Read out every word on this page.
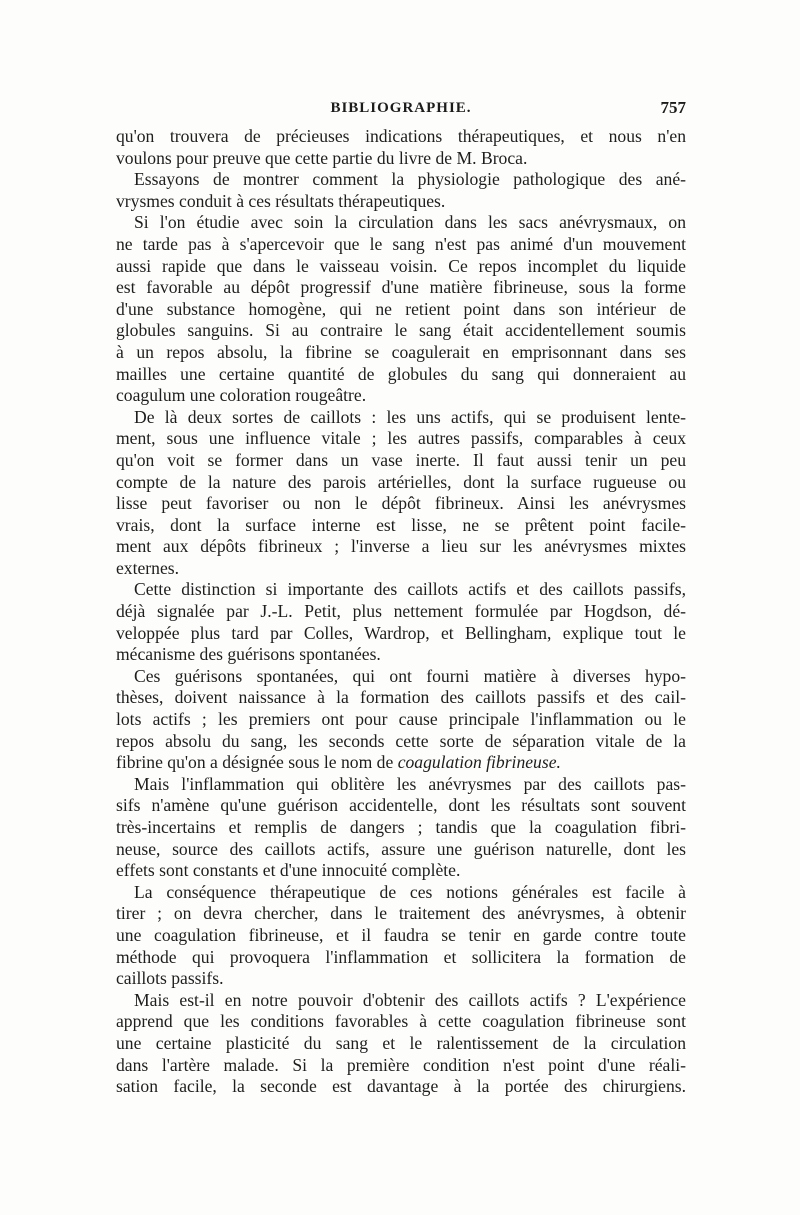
BIBLIOGRAPHIE.	757
qu'on trouvera de précieuses indications thérapeutiques, et nous n'en
voulons pour preuve que cette partie du livre de M. Broca.
Essayons de montrer comment la physiologie pathologique des ané-
vrysmes conduit à ces résultats thérapeutiques.
Si l'on étudie avec soin la circulation dans les sacs anévrysmaux, on
ne tarde pas à s'apercevoir que le sang n'est pas animé d'un mouvement
aussi rapide que dans le vaisseau voisin. Ce repos incomplet du liquide
est favorable au dépôt progressif d'une matière fibrineuse, sous la forme
d'une substance homogène, qui ne retient point dans son intérieur de
globules sanguins. Si au contraire le sang était accidentellement soumis
à un repos absolu, la fibrine se coagulerait en emprisonnant dans ses
mailles une certaine quantité de globules du sang qui donneraient au
coagulum une coloration rougeâtre.
De là deux sortes de caillots : les uns actifs, qui se produisent lente-
ment, sous une influence vitale ; les autres passifs, comparables à ceux
qu'on voit se former dans un vase inerte. Il faut aussi tenir un peu
compte de la nature des parois artérielles, dont la surface rugueuse ou
lisse peut favoriser ou non le dépôt fibrineux. Ainsi les anévrysmes
vrais, dont la surface interne est lisse, ne se prêtent point facile-
ment aux dépôts fibrineux ; l'inverse a lieu sur les anévrysmes mixtes
externes.
Cette distinction si importante des caillots actifs et des caillots passifs,
déjà signalée par J.-L. Petit, plus nettement formulée par Hogdson, dé-
veloppée plus tard par Colles, Wardrop, et Bellingham, explique tout le
mécanisme des guérisons spontanées.
Ces guérisons spontanées, qui ont fourni matière à diverses hypo-
thèses, doivent naissance à la formation des caillots passifs et des cail-
lots actifs ; les premiers ont pour cause principale l'inflammation ou le
repos absolu du sang, les seconds cette sorte de séparation vitale de la
fibrine qu'on a désignée sous le nom de coagulation fibrineuse.
Mais l'inflammation qui oblitère les anévrysmes par des caillots pas-
sifs n'amène qu'une guérison accidentelle, dont les résultats sont souvent
très-incertains et remplis de dangers ; tandis que la coagulation fibri-
neuse, source des caillots actifs, assure une guérison naturelle, dont les
effets sont constants et d'une innocuité complète.
La conséquence thérapeutique de ces notions générales est facile à
tirer ; on devra chercher, dans le traitement des anévrysmes, à obtenir
une coagulation fibrineuse, et il faudra se tenir en garde contre toute
méthode qui provoquera l'inflammation et sollicitera la formation de
caillots passifs.
Mais est-il en notre pouvoir d'obtenir des caillots actifs ? L'expérience
apprend que les conditions favorables à cette coagulation fibrineuse sont
une certaine plasticité du sang et le ralentissement de la circulation
dans l'artère malade. Si la première condition n'est point d'une réali-
sation facile, la seconde est davantage à la portée des chirurgiens.
